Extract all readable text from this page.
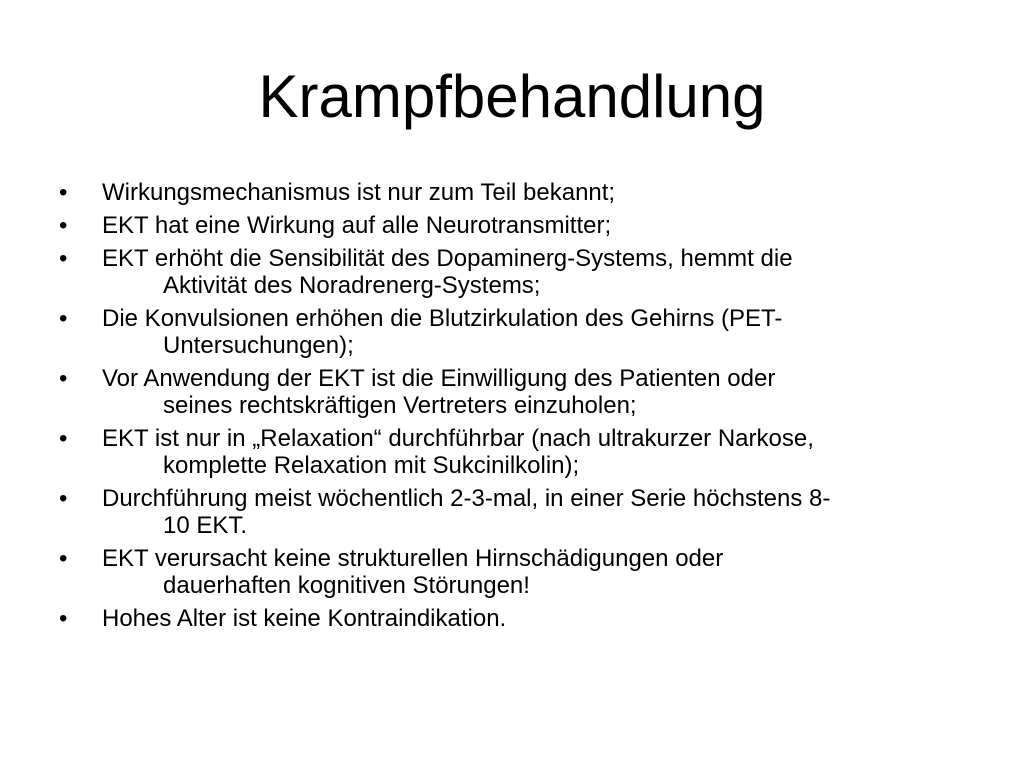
Krampfbehandlung
• Wirkungsmechanismus ist nur zum Teil bekannt;
• EKT hat eine Wirkung auf alle Neurotransmitter;
• EKT erhöht die Sensibilität des Dopaminerg-Systems, hemmt die
Aktivität des Noradrenerg-Systems;
• Die Konvulsionen erhöhen die Blutzirkulation des Gehirns (PET-
Untersuchungen);
• Vor Anwendung der EKT ist die Einwilligung des Patienten oder
seines rechtskräftigen Vertreters einzuholen;
• EKT ist nur in „Relaxation“ durchführbar (nach ultrakurzer Narkose,
komplette Relaxation mit Sukcinilkolin);
• Durchführung meist wöchentlich 2-3-mal, in einer Serie höchstens 8-
10 EKT.
• EKT verursacht keine strukturellen Hirnschädigungen oder
dauerhaften kognitiven Störungen!
• Hohes Alter ist keine Kontraindikation.
